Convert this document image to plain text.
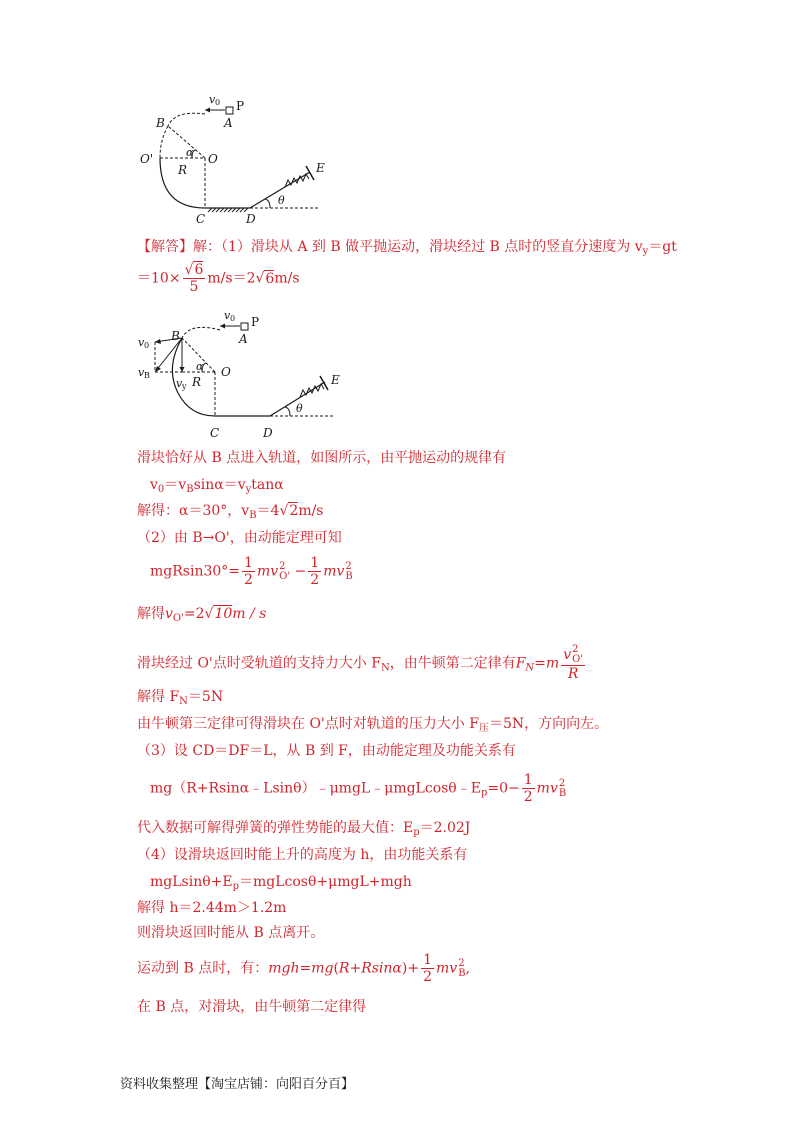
v 0 P
A
B
O'	O
α
R	E
C	D
θ
【解答】解：（1）滑块从 A 到 B 做平抛运动，滑块经过 B 点时的竖直分速度为 $v_y=gt$
$=10\times \frac{√6}{5} m/s=2√6m/s$
v 0 P
A
B
v 0
v B
v y
α
R
O
E
C	D
θ
滑块恰好从 B 点进入轨道，如图所示，由平抛运动的规律有
$v_0=v_B\sin\alpha=v_y\tan\alpha$
解得：α＝30°，$v_B=4√2m/s$
（2）由 B→O'，由动能定理可知
$mgRsin30^\circ= \frac{1}{2}$ mv 2
$O' - \frac{1}{2}$ mv 2
B
解得$v_{O'}=2√10m / s$
滑块经过 O'点时受轨道的支持力大小 $F_N$，由牛顿第二定律有$F_N=m$ v 2
O'
R
解得 $F_N=5N$
由牛顿第三定律可得滑块在 O'点时对轨道的压力大小 $F_压=5N$，方向向左。
（3）设 CD＝DF＝L，从 B 到 F，由动能定理及功能关系有
$mg(R+Rsin\alpha﹣Lsin\theta)﹣\mu mgL﹣\mu mgLcos\theta﹣E_p=0- \frac{1}{2}$ mv 2
B
代入数据可解得弹簧的弹性势能的最大值：$E_p=2.02J$
（4）设滑块返回时能上升的高度为 h，由功能关系有
$mgLsin\theta+E_p=mgLcos\theta+\mu mgL+mgh$
解得 h＝2.44m＞1.2m
则滑块返回时能从 B 点离开。
运动到 B 点时，有：$mgh=mg(R+Rsin\alpha)+ \frac{1}{2}$ mv 2
B ,
在 B 点，对滑块，由牛顿第二定律得
资料收集整理【淘宝店铺：向阳百分百】
